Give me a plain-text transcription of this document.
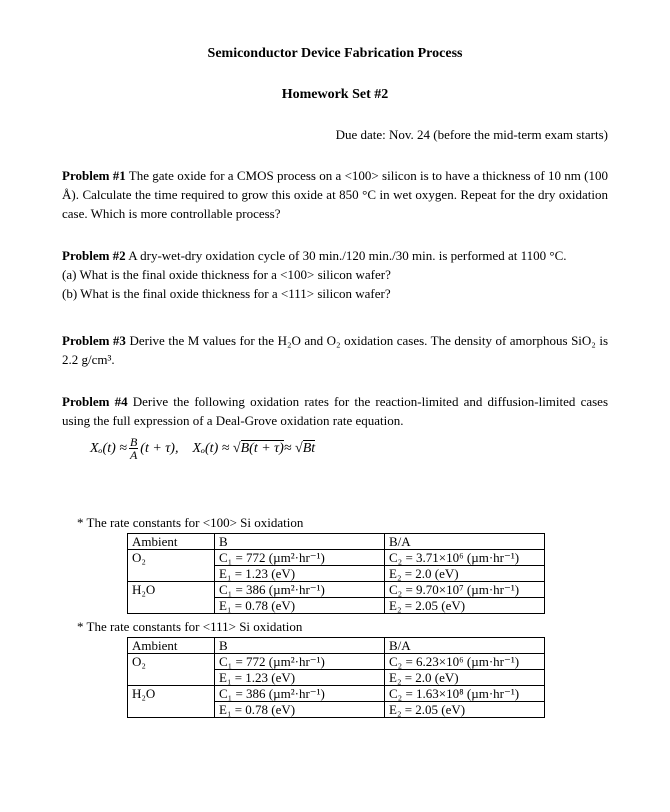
Semiconductor Device Fabrication Process
Homework Set #2
Due date: Nov. 24 (before the mid-term exam starts)
Problem #1 The gate oxide for a CMOS process on a <100> silicon is to have a thickness of 10 nm (100 Å). Calculate the time required to grow this oxide at 850 °C in wet oxygen. Repeat for the dry oxidation case. Which is more controllable process?
Problem #2 A dry-wet-dry oxidation cycle of 30 min./120 min./30 min. is performed at 1100 °C.
(a) What is the final oxide thickness for a <100> silicon wafer?
(b) What is the final oxide thickness for a <111> silicon wafer?
Problem #3 Derive the M values for the H₂O and O₂ oxidation cases. The density of amorphous SiO₂ is 2.2 g/cm³.
Problem #4 Derive the following oxidation rates for the reaction-limited and diffusion-limited cases using the full expression of a Deal-Grove oxidation rate equation.
$X_o(t) \approx \frac{B}{A} (t + \tau)$, Xₒ(t) ≈ √ B(t + τ) ≈ √ Bt
* The rate constants for <100> Si oxidation
Ambient	B	B/A
O₂	C₁ = 772 (µm²·hr⁻¹)	C₂ = 3.71×10⁶ (µm·hr⁻¹)
	E₁ = 1.23 (eV)	E₂ = 2.0 (eV)
H₂O	C₁ = 386 (µm²·hr⁻¹)	C₂ = 9.70×10⁷ (µm·hr⁻¹)
	E₁ = 0.78 (eV)	E₂ = 2.05 (eV)
* The rate constants for <111> Si oxidation
Ambient	B	B/A
O₂	C₁ = 772 (µm²·hr⁻¹)	C₂ = 6.23×10⁶ (µm·hr⁻¹)
	E₁ = 1.23 (eV)	E₂ = 2.0 (eV)
H₂O	C₁ = 386 (µm²·hr⁻¹)	C₂ = 1.63×10⁸ (µm·hr⁻¹)
	E₁ = 0.78 (eV)	E₂ = 2.05 (eV)
